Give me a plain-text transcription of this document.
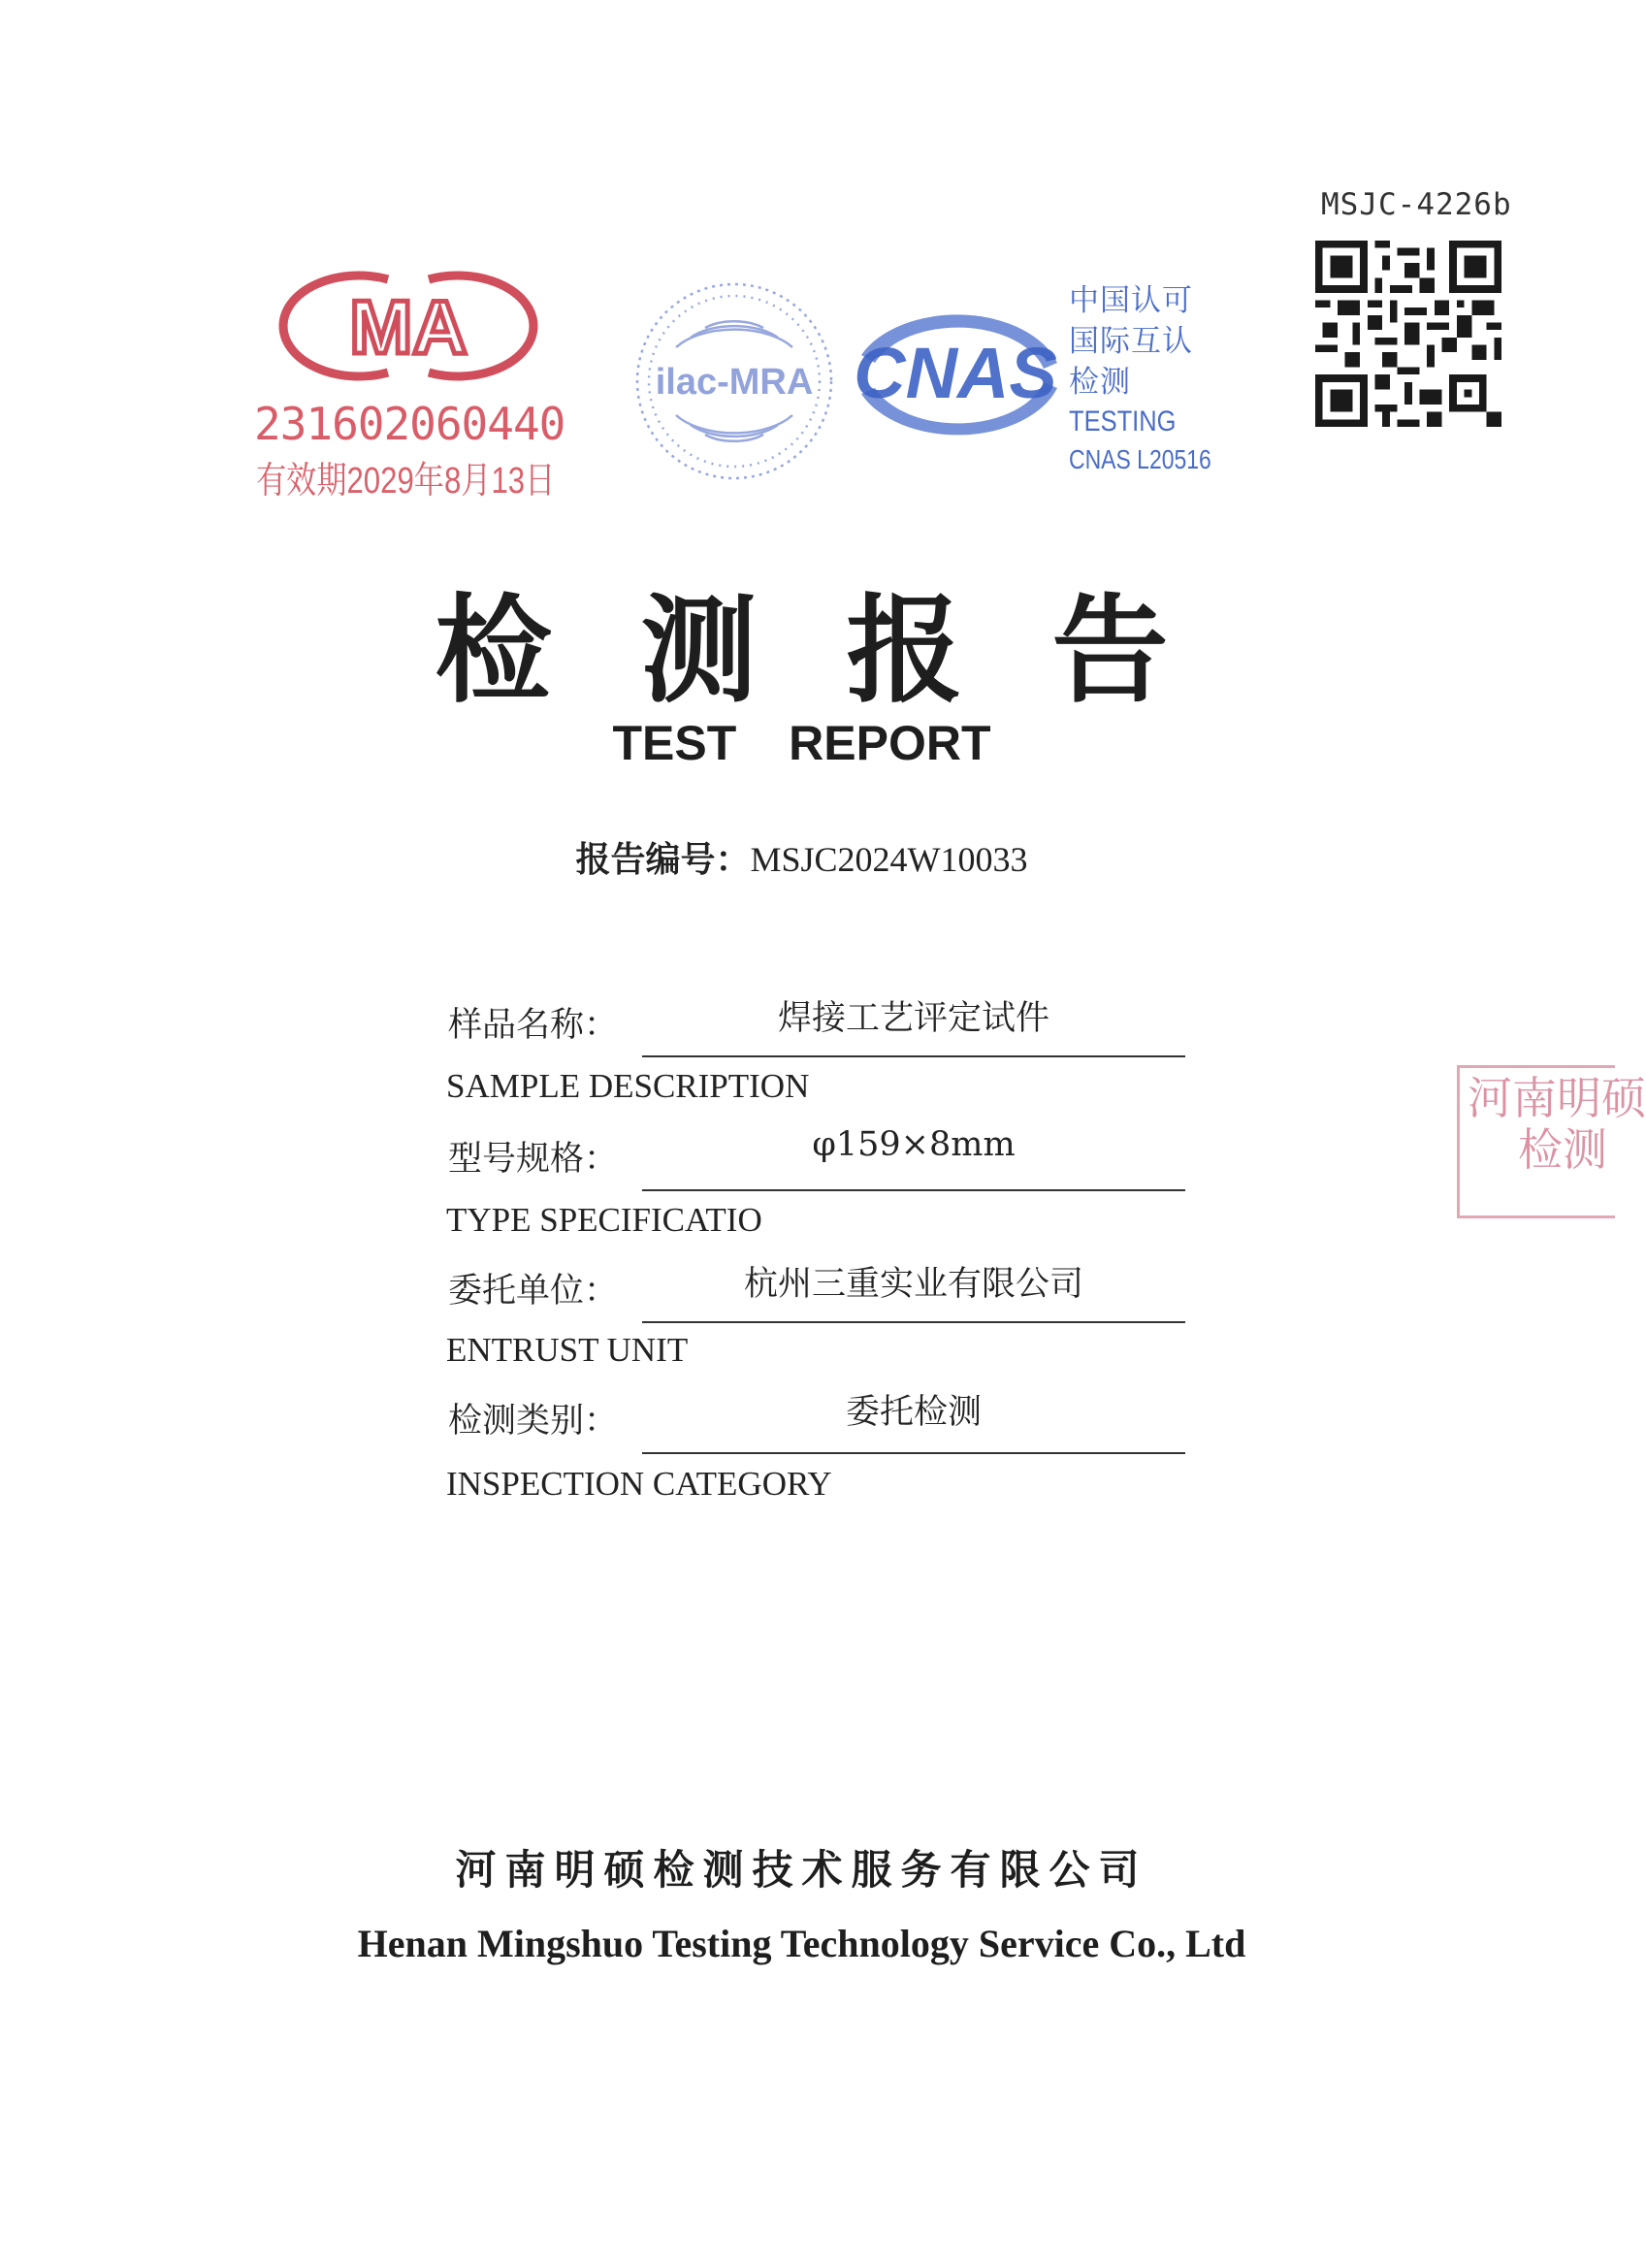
MSJC-4226b
MA
231602060440
有效期2029年8月13日
ilac-MRA CNAS
中国认可
国际互认
检测
TESTING
CNAS L20516
检测报告
TEST REPORT
报告编号：MSJC2024W10033
样品名称：	焊接工艺评定试件
SAMPLE DESCRIPTION
型号规格：	φ159×8mm
TYPE SPECIFICATIO
委托单位：	杭州三重实业有限公司
ENTRUST UNIT
检测类别：	委托检测
INSPECTION CATEGORY
河南明硕
检测
河南明硕检测技术服务有限公司
Henan Mingshuo Testing Technology Service Co., Ltd
